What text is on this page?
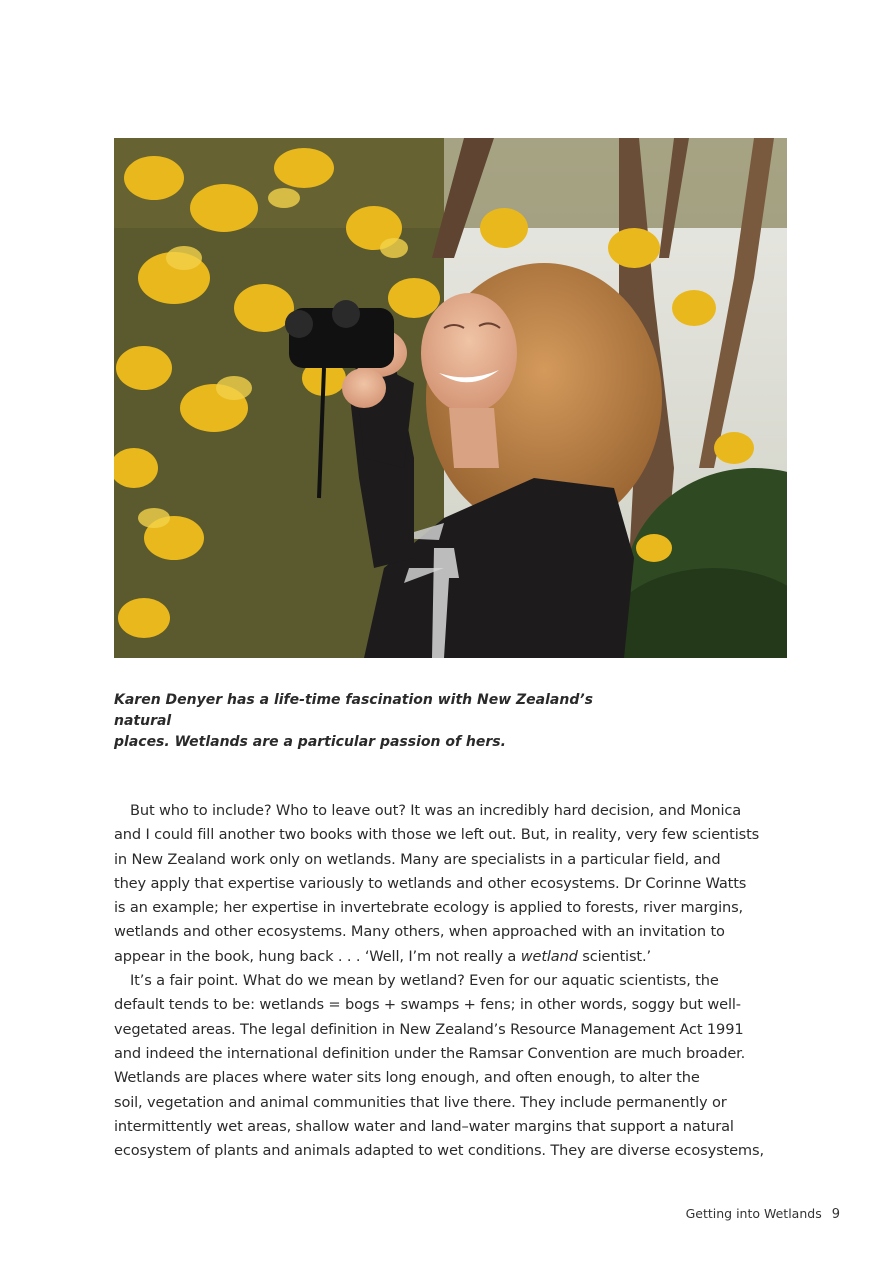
Karen Denyer has a life-time fascination with New Zealand’s natural

places. Wetlands are a particular passion of hers.

But who to include? Who to leave out? It was an incredibly hard decision, and Monica
and I could fill another two books with those we left out. But, in reality, very few scientists
in New Zealand work only on wetlands. Many are specialists in a particular field, and
they apply that expertise variously to wetlands and other ecosystems. Dr Corinne Watts
is an example; her expertise in invertebrate ecology is applied to forests, river margins,
wetlands and other ecosystems. Many others, when approached with an invitation to
appear in the book, hung back . . . ‘Well, I’m not really a wetland scientist.’
It’s a fair point. What do we mean by wetland? Even for our aquatic scientists, the
default tends to be: wetlands = bogs + swamps + fens; in other words, soggy but well-
vegetated areas. The legal definition in New Zealand’s Resource Management Act 1991
and indeed the international definition under the Ramsar Convention are much broader.
Wetlands are places where water sits long enough, and often enough, to alter the
soil, vegetation and animal communities that live there. They include permanently or
intermittently wet areas, shallow water and land–water margins that support a natural
ecosystem of plants and animals adapted to wet conditions. They are diverse ecosystems,
Getting into Wetlands 9
